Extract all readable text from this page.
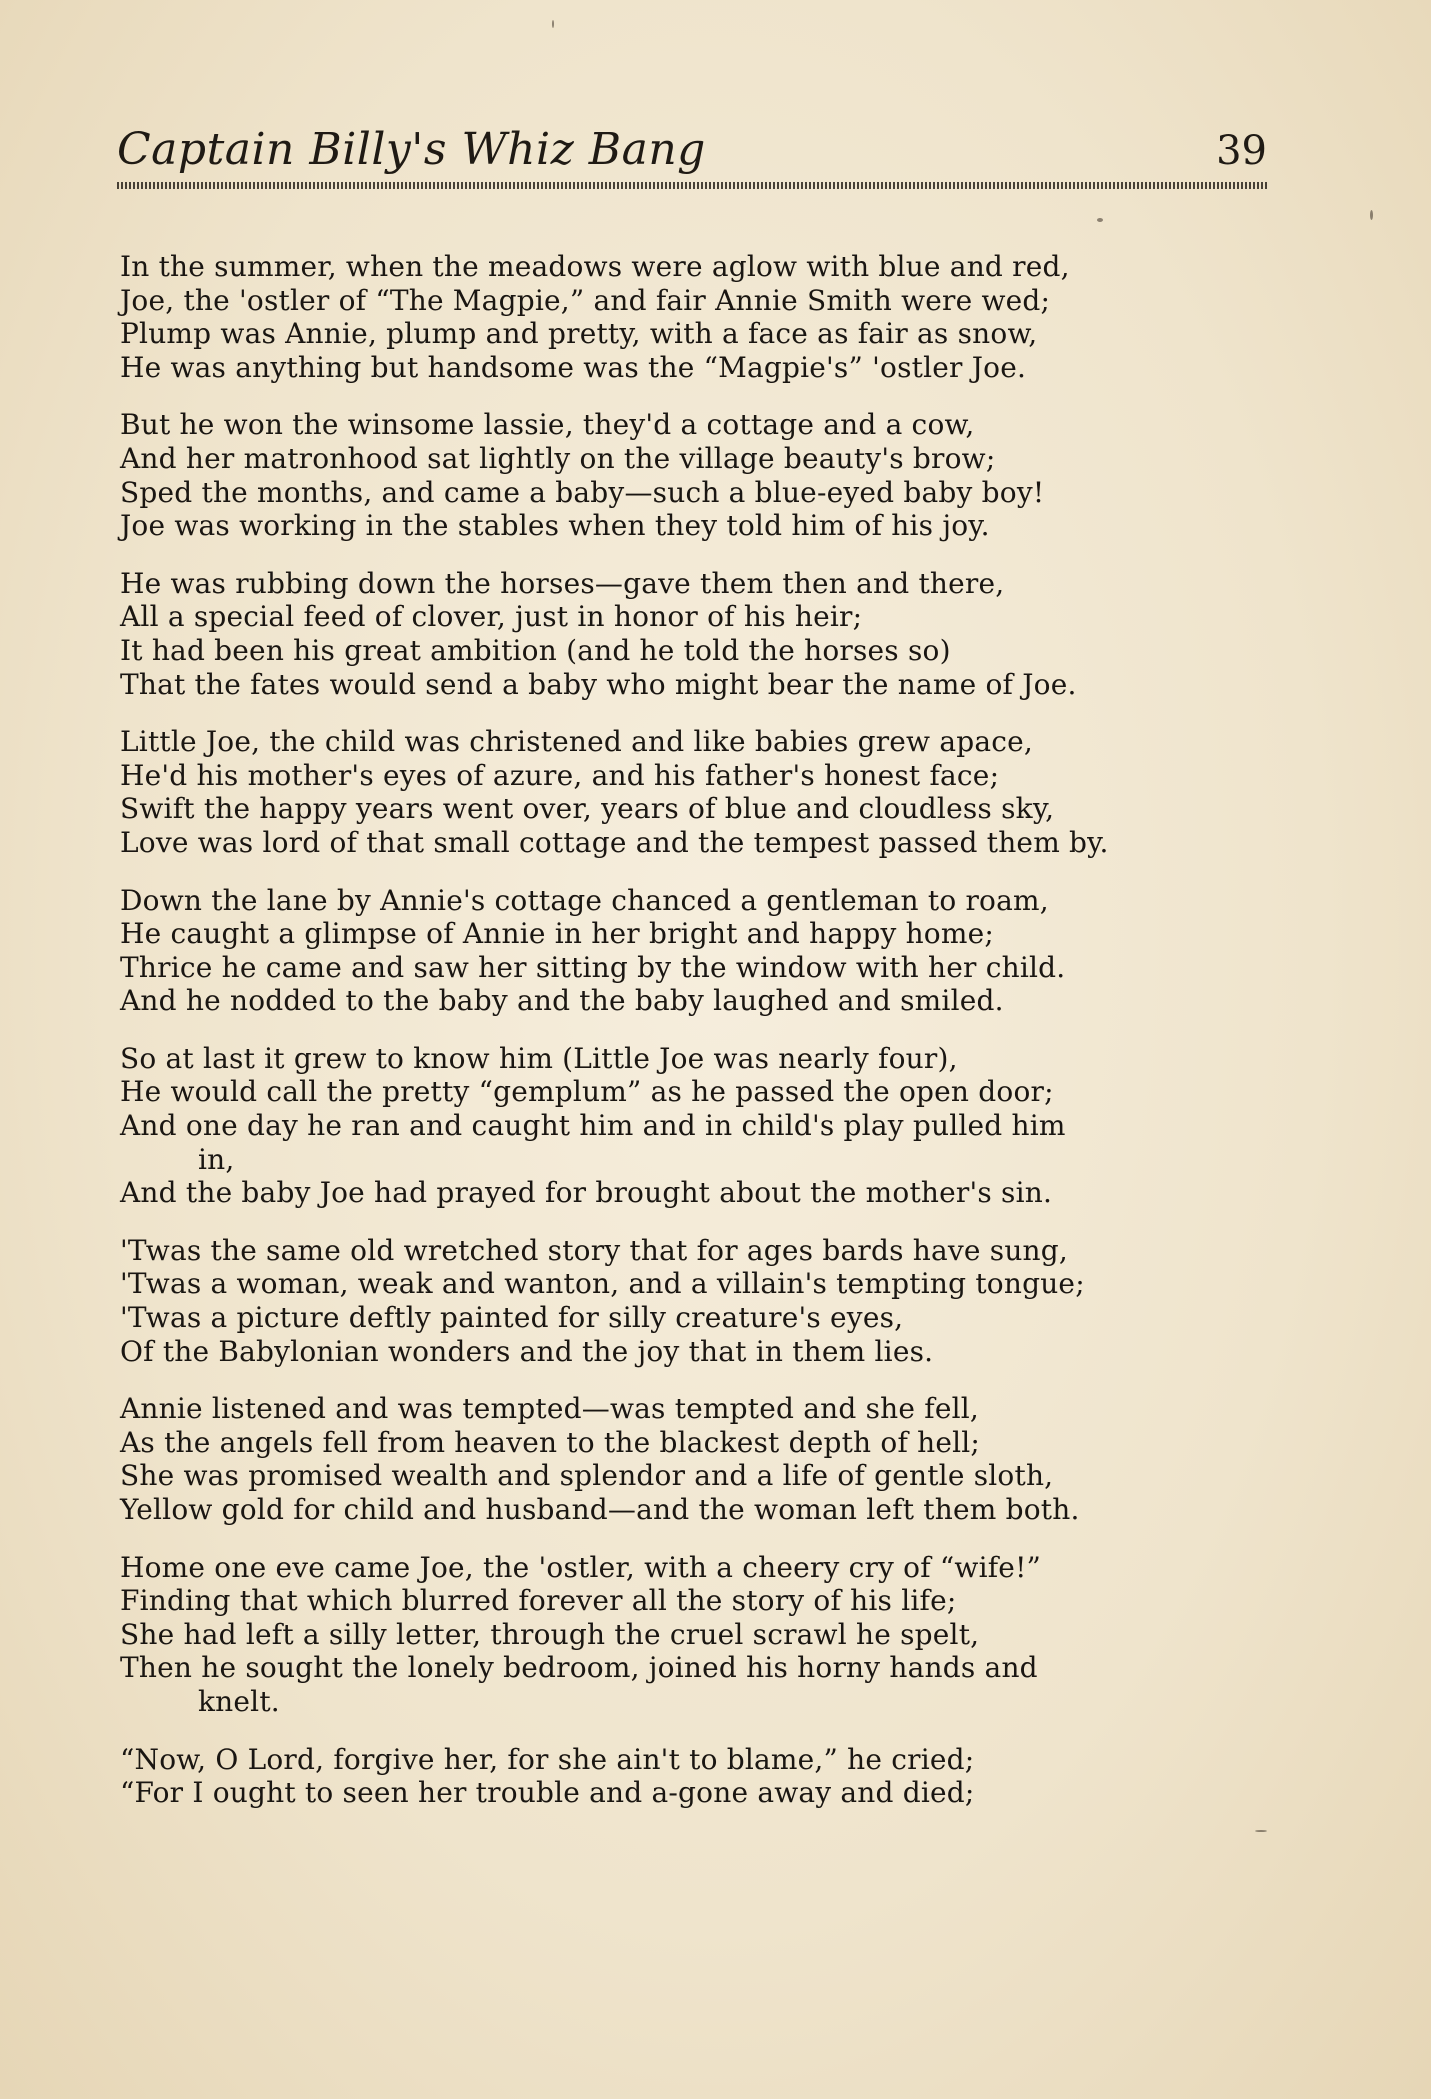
Captain Billy's Whiz Bang	39
In the summer, when the meadows were aglow with blue and red,
Joe, the 'ostler of “The Magpie,” and fair Annie Smith were wed;
Plump was Annie, plump and pretty, with a face as fair as snow,
He was anything but handsome was the “Magpie's” 'ostler Joe.
But he won the winsome lassie, they'd a cottage and a cow,
And her matronhood sat lightly on the village beauty's brow;
Sped the months, and came a baby—such a blue-eyed baby boy!
Joe was working in the stables when they told him of his joy.
He was rubbing down the horses—gave them then and there,
All a special feed of clover, just in honor of his heir;
It had been his great ambition (and he told the horses so)
That the fates would send a baby who might bear the name of Joe.
Little Joe, the child was christened and like babies grew apace,
He'd his mother's eyes of azure, and his father's honest face;
Swift the happy years went over, years of blue and cloudless sky,
Love was lord of that small cottage and the tempest passed them by.
Down the lane by Annie's cottage chanced a gentleman to roam,
He caught a glimpse of Annie in her bright and happy home;
Thrice he came and saw her sitting by the window with her child.
And he nodded to the baby and the baby laughed and smiled.
So at last it grew to know him (Little Joe was nearly four),
He would call the pretty “gemplum” as he passed the open door;
And one day he ran and caught him and in child's play pulled him
in,
And the baby Joe had prayed for brought about the mother's sin.
'Twas the same old wretched story that for ages bards have sung,
'Twas a woman, weak and wanton, and a villain's tempting tongue;
'Twas a picture deftly painted for silly creature's eyes,
Of the Babylonian wonders and the joy that in them lies.
Annie listened and was tempted—was tempted and she fell,
As the angels fell from heaven to the blackest depth of hell;
She was promised wealth and splendor and a life of gentle sloth,
Yellow gold for child and husband—and the woman left them both.
Home one eve came Joe, the 'ostler, with a cheery cry of “wife!”
Finding that which blurred forever all the story of his life;
She had left a silly letter, through the cruel scrawl he spelt,
Then he sought the lonely bedroom, joined his horny hands and
knelt.
“Now, O Lord, forgive her, for she ain't to blame,” he cried;
“For I ought to seen her trouble and a-gone away and died;
